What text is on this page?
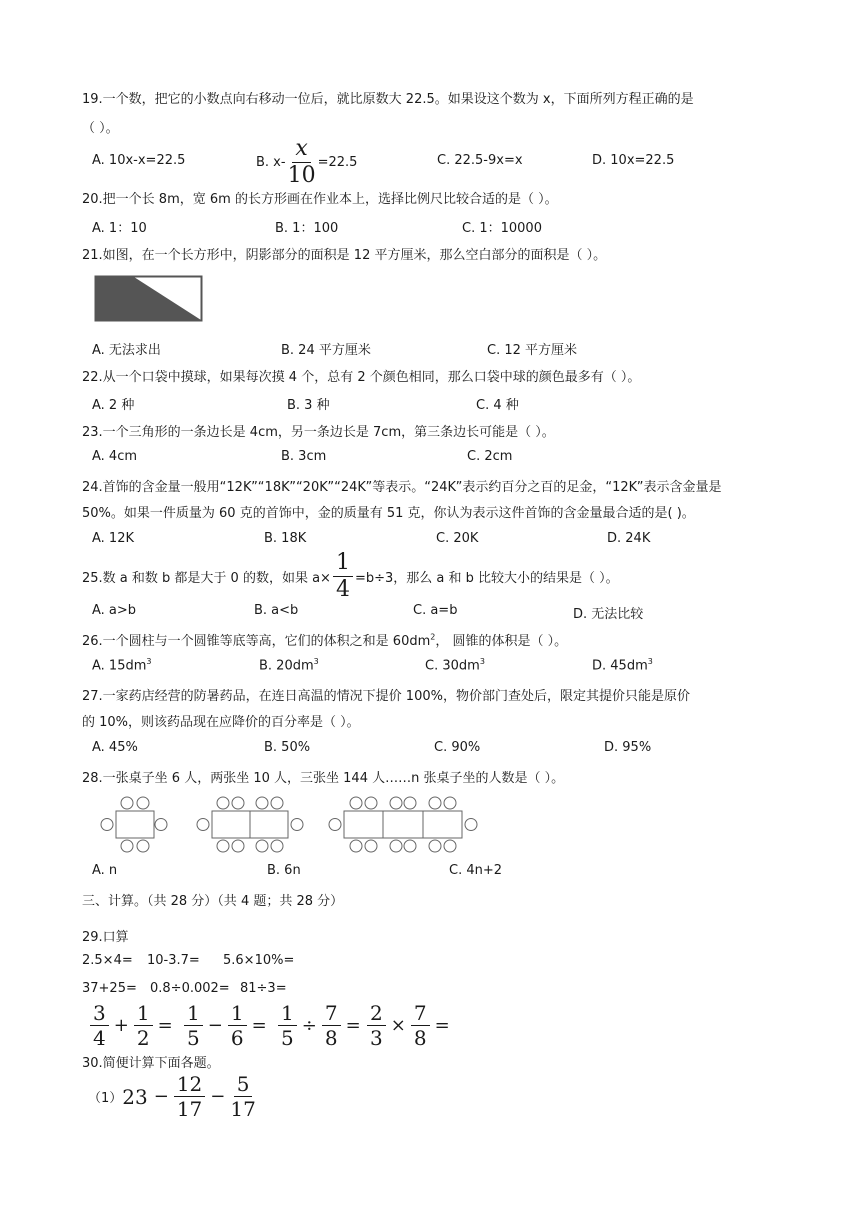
19.一个数，把它的小数点向右移动一位后，就比原数大 22.5。如果设这个数为 x，下面所列方程正确的是
（ ）。
A. 10x-x=22.5	B. $x- \frac{x}{10} =22.5$	C. 22.5-9x=x	D. 10x=22.5
20.把一个长 8m，宽 6m 的长方形画在作业本上，选择比例尺比较合适的是（ ）。
A. 1：10	B. 1：100	C. 1：10000
21.如图，在一个长方形中，阴影部分的面积是 12 平方厘米，那么空白部分的面积是（ ）。
A. 无法求出	B. 24 平方厘米	C. 12 平方厘米
22.从一个口袋中摸球，如果每次摸 4 个，总有 2 个颜色相同，那么口袋中球的颜色最多有（ ）。
A. 2 种	B. 3 种	C. 4 种
23.一个三角形的一条边长是 4cm，另一条边长是 7cm，第三条边长可能是（ ）。
A. 4cm	B. 3cm	C. 2cm
24.首饰的含金量一般用“12K”“18K”“20K”“24K”等表示。“24K”表示约百分之百的足金，“12K”表示含金量是
50%。如果一件质量为 60 克的首饰中，金的质量有 51 克，你认为表示这件首饰的含金量最合适的是( )。
A. 12K	B. 18K	C. 20K	D. 24K
25.数 a 和数 b 都是大于 0 的数，如果 $a\times \frac{1}{4} =b\div 3$，那么 a 和 b 比较大小的结果是（ ）。
A. a>b	B. a<b	C. a=b	D. 无法比较
26.一个圆柱与一个圆锥等底等高，它们的体积之和是 $60dm^2$， 圆锥的体积是（ ）。
A. $15dm^3$	B. $20dm^3$	C. $30dm^3$	D. $45dm^3$
27.一家药店经营的防暑药品，在连日高温的情况下提价 100%，物价部门查处后，限定其提价只能是原价
的 10%，则该药品现在应降价的百分率是（ ）。
A. 45%	B. 50%	C. 90%	D. 95%
28.一张桌子坐 6 人，两张坐 10 人，三张坐 144 人……n 张桌子坐的人数是（ ）。
A. n	B. 6n	C. 4n+2
三、计算。（共 28 分）（共 4 题；共 28 分）
29.口算
2.5×4= 10-3.7= 5.6×10%=
37+25= 0.8÷0.002= 81÷3=
$\frac{3}{4} + \frac{1}{2} = \frac{1}{5} - \frac{1}{6} = \frac{1}{5} \div \frac{7}{8} = \frac{2}{3} \times \frac{7}{8}$ =
30.简便计算下面各题。
（1） $23 - \frac{12}{17} - \frac{5}{17}$
